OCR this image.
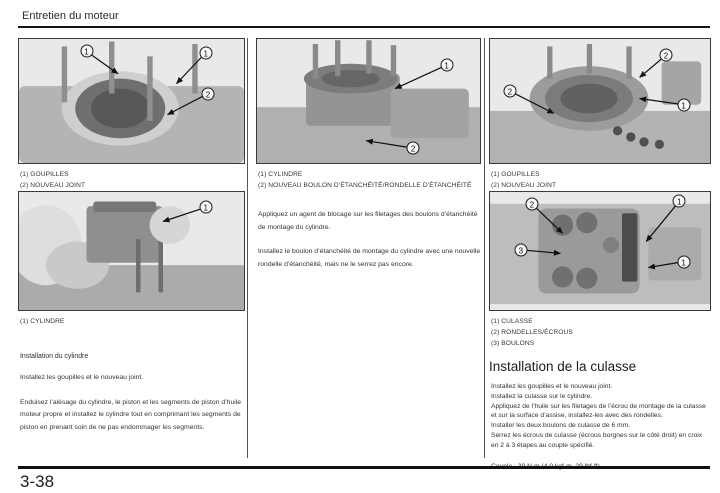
Entretien du moteur
1	1
2
(1) GOUPILLES
(2) NOUVEAU JOINT
1
(1) CYLINDRE
Installation du cylindre

Installez les goupilles et le nouveau joint.

Enduisez l’alésage du cylindre, le piston et les segments de piston d’huile moteur propre et installez le cylindre tout en comprimant les segments de piston en prenant soin de ne pas endommager les segments.

1
2
(1) CYLINDRE
(2) NOUVEAU BOULON D’ÉTANCHÉITÉ/RONDELLE D’ÉTANCHÉITÉ

Appliquez un agent de blocage sur les filetages des boulons d’étanchéité de montage du cylindre.

Installez le boulon d’étanchéité de montage du cylindre avec une nouvelle rondelle d’étanchéité, mais ne le serrez pas encore.

2
2
1
(1) GOUPILLES
(2) NOUVEAU JOINT
2
3
1
1
(1) CULASSE
(2) RONDELLES/ÉCROUS
(3) BOULONS
Installation de la culasse

Installez les goupilles et le nouveau joint.

Installez la culasse sur le cylindre.

Appliquez de l’huile sur les filetages de l’écrou de montage de la culasse et sur la surface d’assise, installez-les avec des rondelles.

Installer les deux boulons de culasse de 6 mm.

Serrez les écrous de culasse (écrous borgnes sur le côté droit) en croix en 2 à 3 étapes au couple spécifié.

3-38
